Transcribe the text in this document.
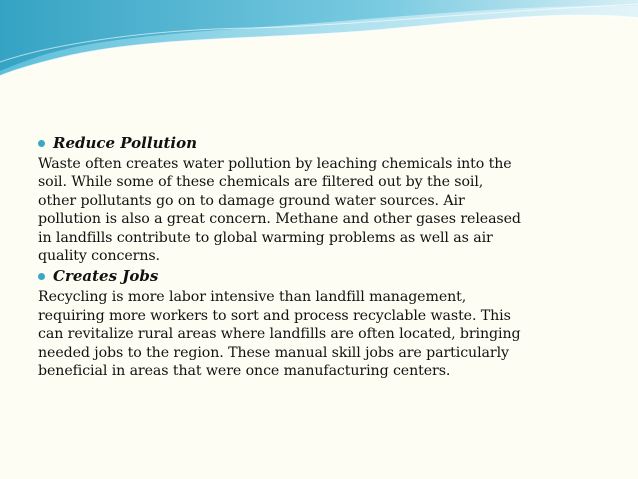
Reduce Pollution
Waste often creates water pollution by leaching chemicals into the
soil. While some of these chemicals are filtered out by the soil,
other pollutants go on to damage ground water sources. Air
pollution is also a great concern. Methane and other gases released
in landfills contribute to global warming problems as well as air
quality concerns.
Creates Jobs
Recycling is more labor intensive than landfill management,
requiring more workers to sort and process recyclable waste. This
can revitalize rural areas where landfills are often located, bringing
needed jobs to the region. These manual skill jobs are particularly
beneficial in areas that were once manufacturing centers.
